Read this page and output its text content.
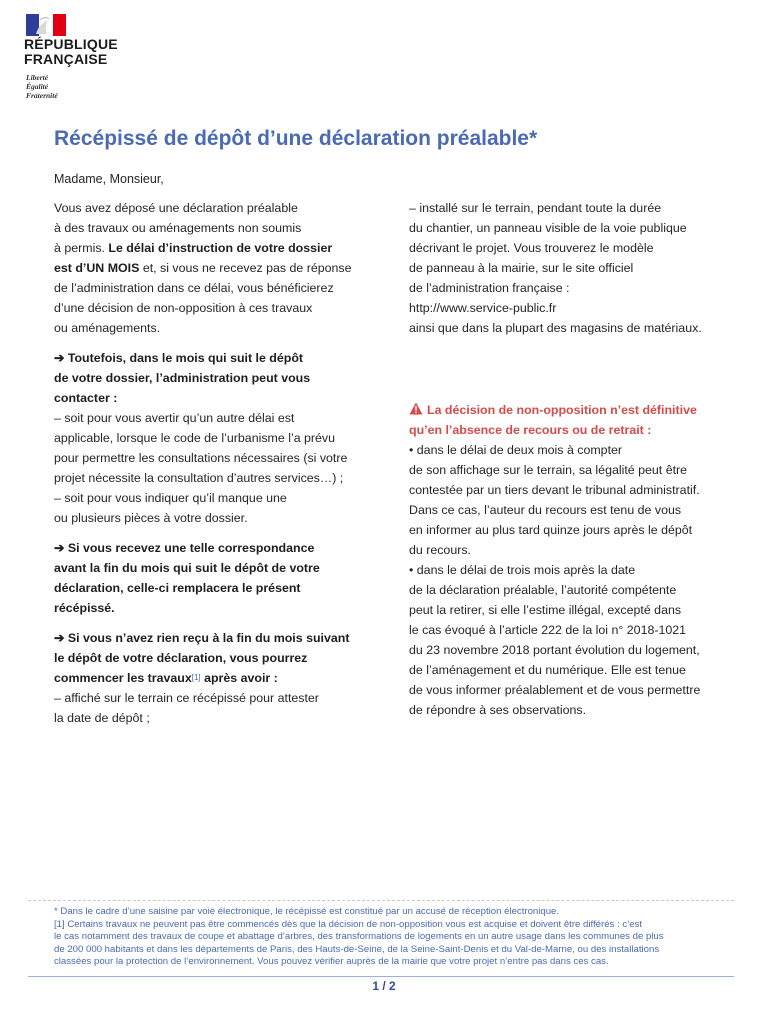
RÉPUBLIQUE
FRANÇAISE
Liberté
Égalité
Fraternité
Récépissé de dépôt d’une déclaration préalable*
Madame, Monsieur,

Vous avez déposé une déclaration préalable
à des travaux ou aménagements non soumis
à permis. Le délai d’instruction de votre dossier
est d’UN MOIS et, si vous ne recevez pas de réponse
de l’administration dans ce délai, vous bénéficierez
d’une décision de non-opposition à ces travaux
ou aménagements.

➔ Toutefois, dans le mois qui suit le dépôt
de votre dossier, l’administration peut vous
contacter :
– soit pour vous avertir qu’un autre délai est
applicable, lorsque le code de l’urbanisme l’a prévu
pour permettre les consultations nécessaires (si votre
projet nécessite la consultation d’autres services…) ;
– soit pour vous indiquer qu’il manque une
ou plusieurs pièces à votre dossier.

➔ Si vous recevez une telle correspondance
avant la fin du mois qui suit le dépôt de votre
déclaration, celle-ci remplacera le présent
récépissé.

➔ Si vous n’avez rien reçu à la fin du mois suivant
le dépôt de votre déclaration, vous pourrez
commencer les travaux[1] après avoir :
– affiché sur le terrain ce récépissé pour attester
la date de dépôt ;

– installé sur le terrain, pendant toute la durée
du chantier, un panneau visible de la voie publique
décrivant le projet. Vous trouverez le modèle
de panneau à la mairie, sur le site officiel
de l’administration française :
http://www.service-public.fr
ainsi que dans la plupart des magasins de matériaux.

La décision de non-opposition n’est définitive
qu’en l’absence de recours ou de retrait :

• dans le délai de deux mois à compter
de son affichage sur le terrain, sa légalité peut être
contestée par un tiers devant le tribunal administratif.
Dans ce cas, l’auteur du recours est tenu de vous
en informer au plus tard quinze jours après le dépôt
du recours.
• dans le délai de trois mois après la date
de la déclaration préalable, l’autorité compétente
peut la retirer, si elle l’estime illégal, excepté dans
le cas évoqué à l’article 222 de la loi n° 2018-1021
du 23 novembre 2018 portant évolution du logement,
de l’aménagement et du numérique. Elle est tenue
de vous informer préalablement et de vous permettre
de répondre à ses observations.

* Dans le cadre d’une saisine par voie électronique, le récépissé est constitué par un accusé de réception électronique.

[1] Certains travaux ne peuvent pas être commencés dès que la décision de non-opposition vous est acquise et doivent être différés : c’est

le cas notamment des travaux de coupe et abattage d’arbres, des transformations de logements en un autre usage dans les communes de plus

de 200 000 habitants et dans les départements de Paris, des Hauts-de-Seine, de la Seine-Saint-Denis et du Val-de-Marne, ou des installations

classées pour la protection de l’environnement. Vous pouvez vérifier auprès de la mairie que votre projet n’entre pas dans ces cas.

1 / 2
